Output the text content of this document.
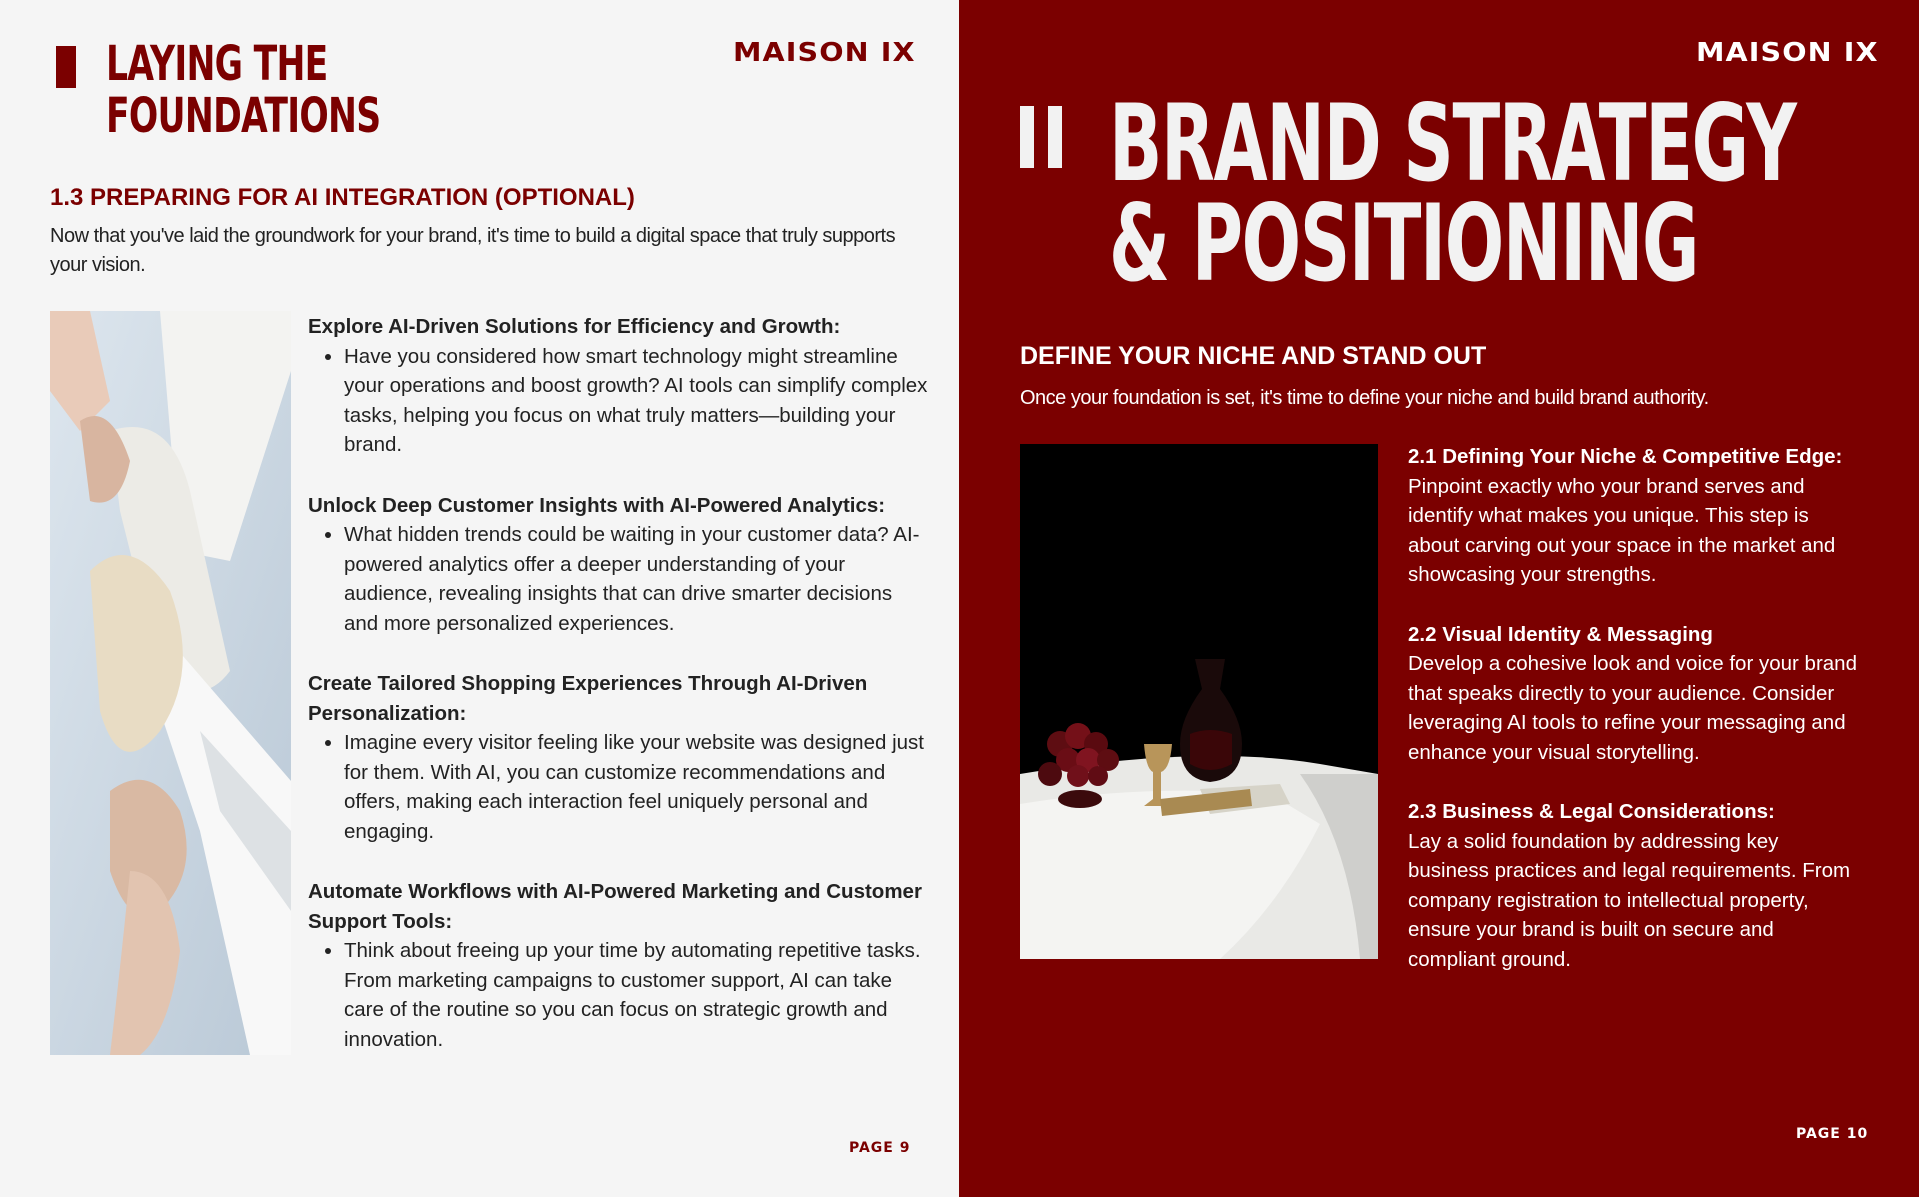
LAYING THE
FOUNDATIONS
MAISON IX
1.3 PREPARING FOR AI INTEGRATION (OPTIONAL)

Now that you've laid the groundwork for your brand, it's time to build a digital space that truly supports your vision.

Explore AI-Driven Solutions for Efficiency and Growth:
• Have you considered how smart technology might streamline your operations and boost growth? AI tools can simplify complex tasks, helping you focus on what truly matters—building your brand.
Unlock Deep Customer Insights with AI-Powered Analytics:
• What hidden trends could be waiting in your customer data? AI-powered analytics offer a deeper understanding of your audience, revealing insights that can drive smarter decisions and more personalized experiences.
Create Tailored Shopping Experiences Through AI-Driven Personalization:
• Imagine every visitor feeling like your website was designed just for them. With AI, you can customize recommendations and offers, making each interaction feel uniquely personal and engaging.
Automate Workflows with AI-Powered Marketing and Customer Support Tools:
• Think about freeing up your time by automating repetitive tasks. From marketing campaigns to customer support, AI can take care of the routine so you can focus on strategic growth and innovation.
PAGE 9
MAISON IX
BRAND STRATEGY
& POSITIONING
DEFINE YOUR NICHE AND STAND OUT

Once your foundation is set, it's time to define your niche and build brand authority.

2.1 Defining Your Niche & Competitive Edge:

Pinpoint exactly who your brand serves and identify what makes you unique. This step is about carving out your space in the market and showcasing your strengths.

2.2 Visual Identity & Messaging

Develop a cohesive look and voice for your brand that speaks directly to your audience. Consider leveraging AI tools to refine your messaging and enhance your visual storytelling.

2.3 Business & Legal Considerations:

Lay a solid foundation by addressing key business practices and legal requirements. From company registration to intellectual property, ensure your brand is built on secure and compliant ground.

PAGE 10
